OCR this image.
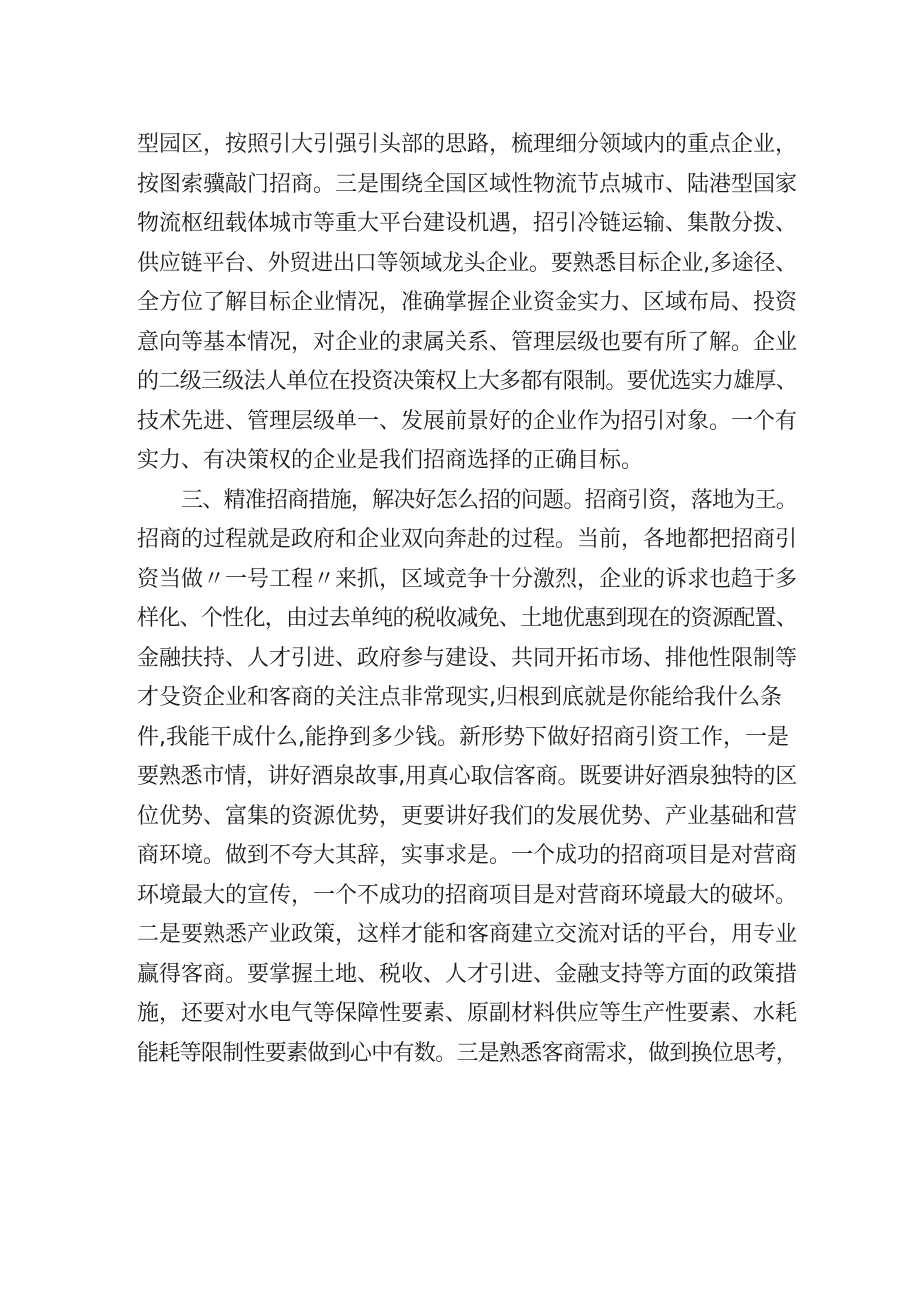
型园区，按照引大引强引头部的思路，梳理细分领域内的重点企业，
按图索骥敲门招商。三是围绕全国区域性物流节点城市、陆港型国家
物流枢纽载体城市等重大平台建设机遇，招引冷链运输、集散分拨、
供应链平台、外贸进出口等领域龙头企业。要熟悉目标企业,多途径、
全方位了解目标企业情况，准确掌握企业资金实力、区域布局、投资
意向等基本情况，对企业的隶属关系、管理层级也要有所了解。企业
的二级三级法人单位在投资决策权上大多都有限制。要优选实力雄厚、
技术先进、管理层级单一、发展前景好的企业作为招引对象。一个有
实力、有决策权的企业是我们招商选择的正确目标。
三、精准招商措施，解决好怎么招的问题。招商引资，落地为王。
招商的过程就是政府和企业双向奔赴的过程。当前，各地都把招商引
资当做〃一号工程〃来抓，区域竞争十分激烈，企业的诉求也趋于多
样化、个性化，由过去单纯的税收减免、土地优惠到现在的资源配置、
金融扶持、人才引进、政府参与建设、共同开拓市场、排他性限制等
才殳资企业和客商的关注点非常现实,归根到底就是你能给我什么条
件,我能干成什么,能挣到多少钱。新形势下做好招商引资工作，一是
要熟悉市情，讲好酒泉故事,用真心取信客商。既要讲好酒泉独特的区
位优势、富集的资源优势，更要讲好我们的发展优势、产业基础和营
商环境。做到不夸大其辞，实事求是。一个成功的招商项目是对营商
环境最大的宣传，一个不成功的招商项目是对营商环境最大的破坏。
二是要熟悉产业政策，这样才能和客商建立交流对话的平台，用专业
赢得客商。要掌握土地、税收、人才引进、金融支持等方面的政策措
施，还要对水电气等保障性要素、原副材料供应等生产性要素、水耗
能耗等限制性要素做到心中有数。三是熟悉客商需求，做到换位思考，
